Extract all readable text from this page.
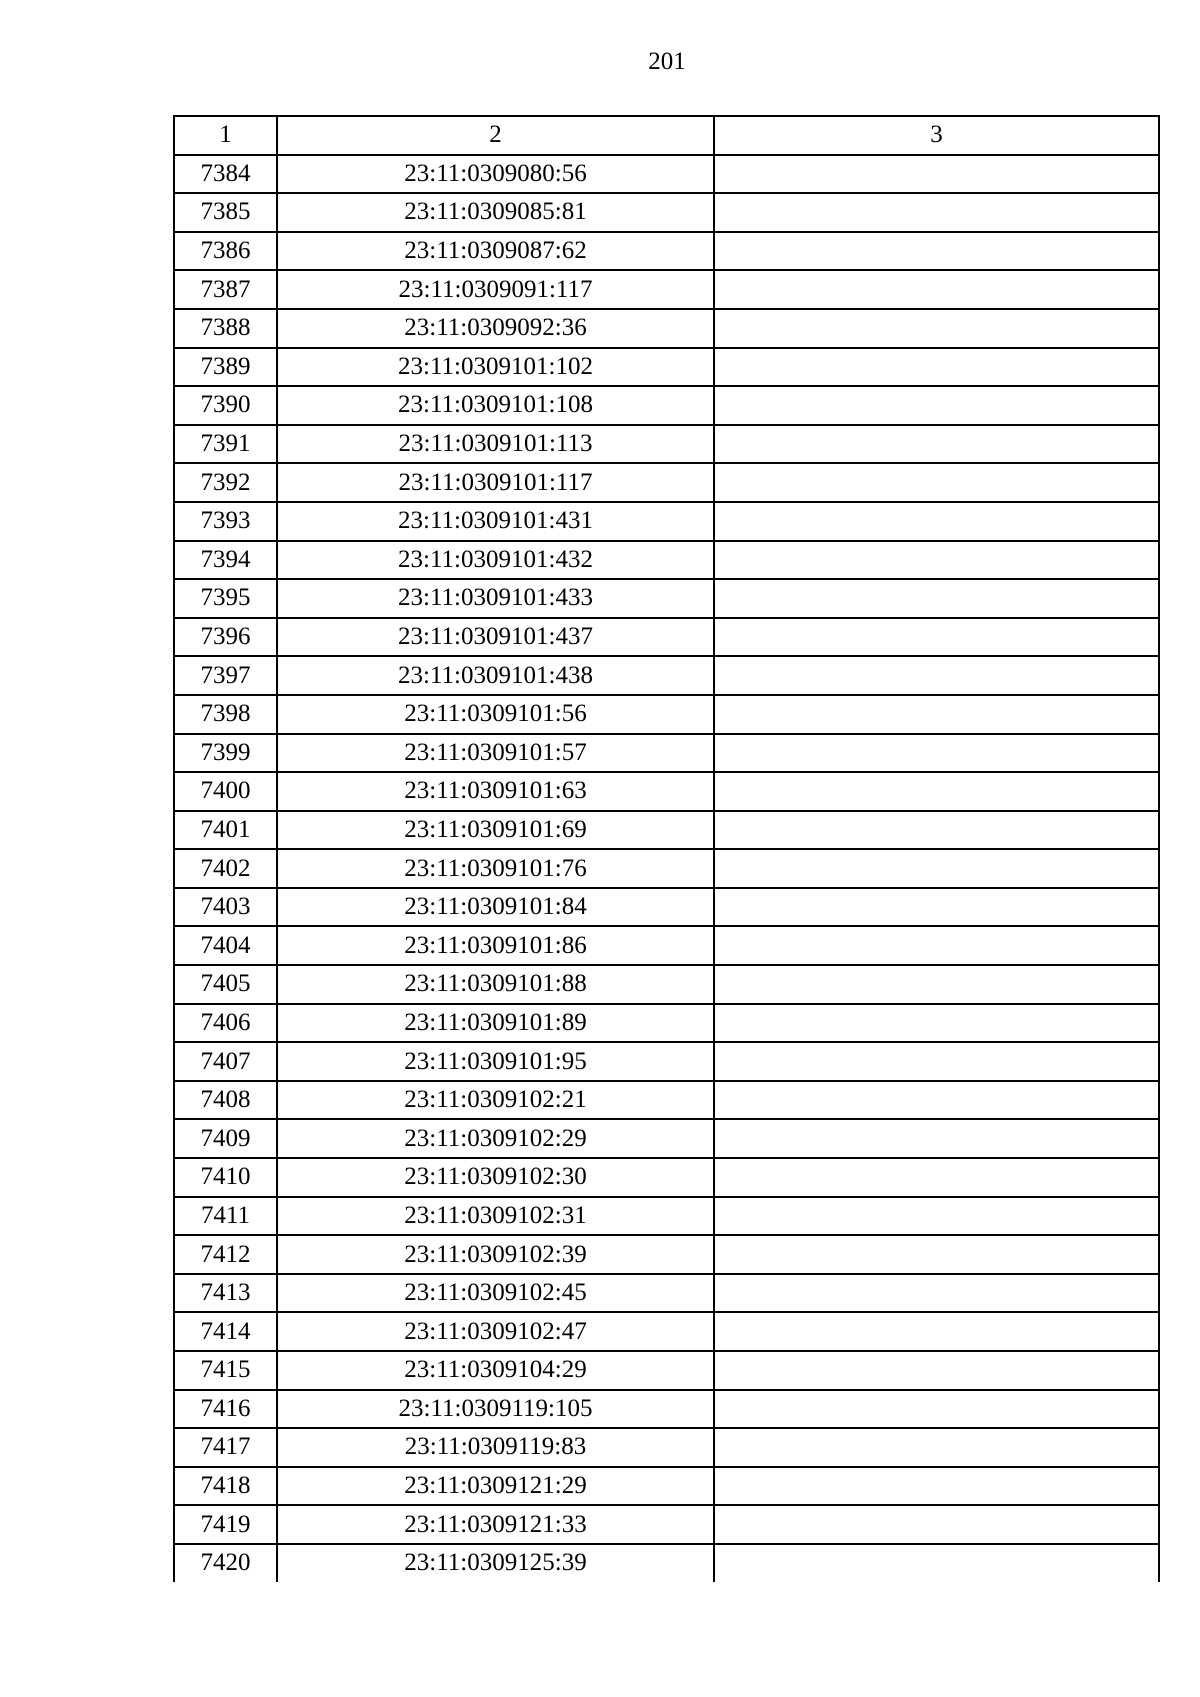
201
1	2	3
7384	23:11:0309080:56	
7385	23:11:0309085:81	
7386	23:11:0309087:62	
7387	23:11:0309091:117	
7388	23:11:0309092:36	
7389	23:11:0309101:102	
7390	23:11:0309101:108	
7391	23:11:0309101:113	
7392	23:11:0309101:117	
7393	23:11:0309101:431	
7394	23:11:0309101:432	
7395	23:11:0309101:433	
7396	23:11:0309101:437	
7397	23:11:0309101:438	
7398	23:11:0309101:56	
7399	23:11:0309101:57	
7400	23:11:0309101:63	
7401	23:11:0309101:69	
7402	23:11:0309101:76	
7403	23:11:0309101:84	
7404	23:11:0309101:86	
7405	23:11:0309101:88	
7406	23:11:0309101:89	
7407	23:11:0309101:95	
7408	23:11:0309102:21	
7409	23:11:0309102:29	
7410	23:11:0309102:30	
7411	23:11:0309102:31	
7412	23:11:0309102:39	
7413	23:11:0309102:45	
7414	23:11:0309102:47	
7415	23:11:0309104:29	
7416	23:11:0309119:105	
7417	23:11:0309119:83	
7418	23:11:0309121:29	
7419	23:11:0309121:33	
7420	23:11:0309125:39	
